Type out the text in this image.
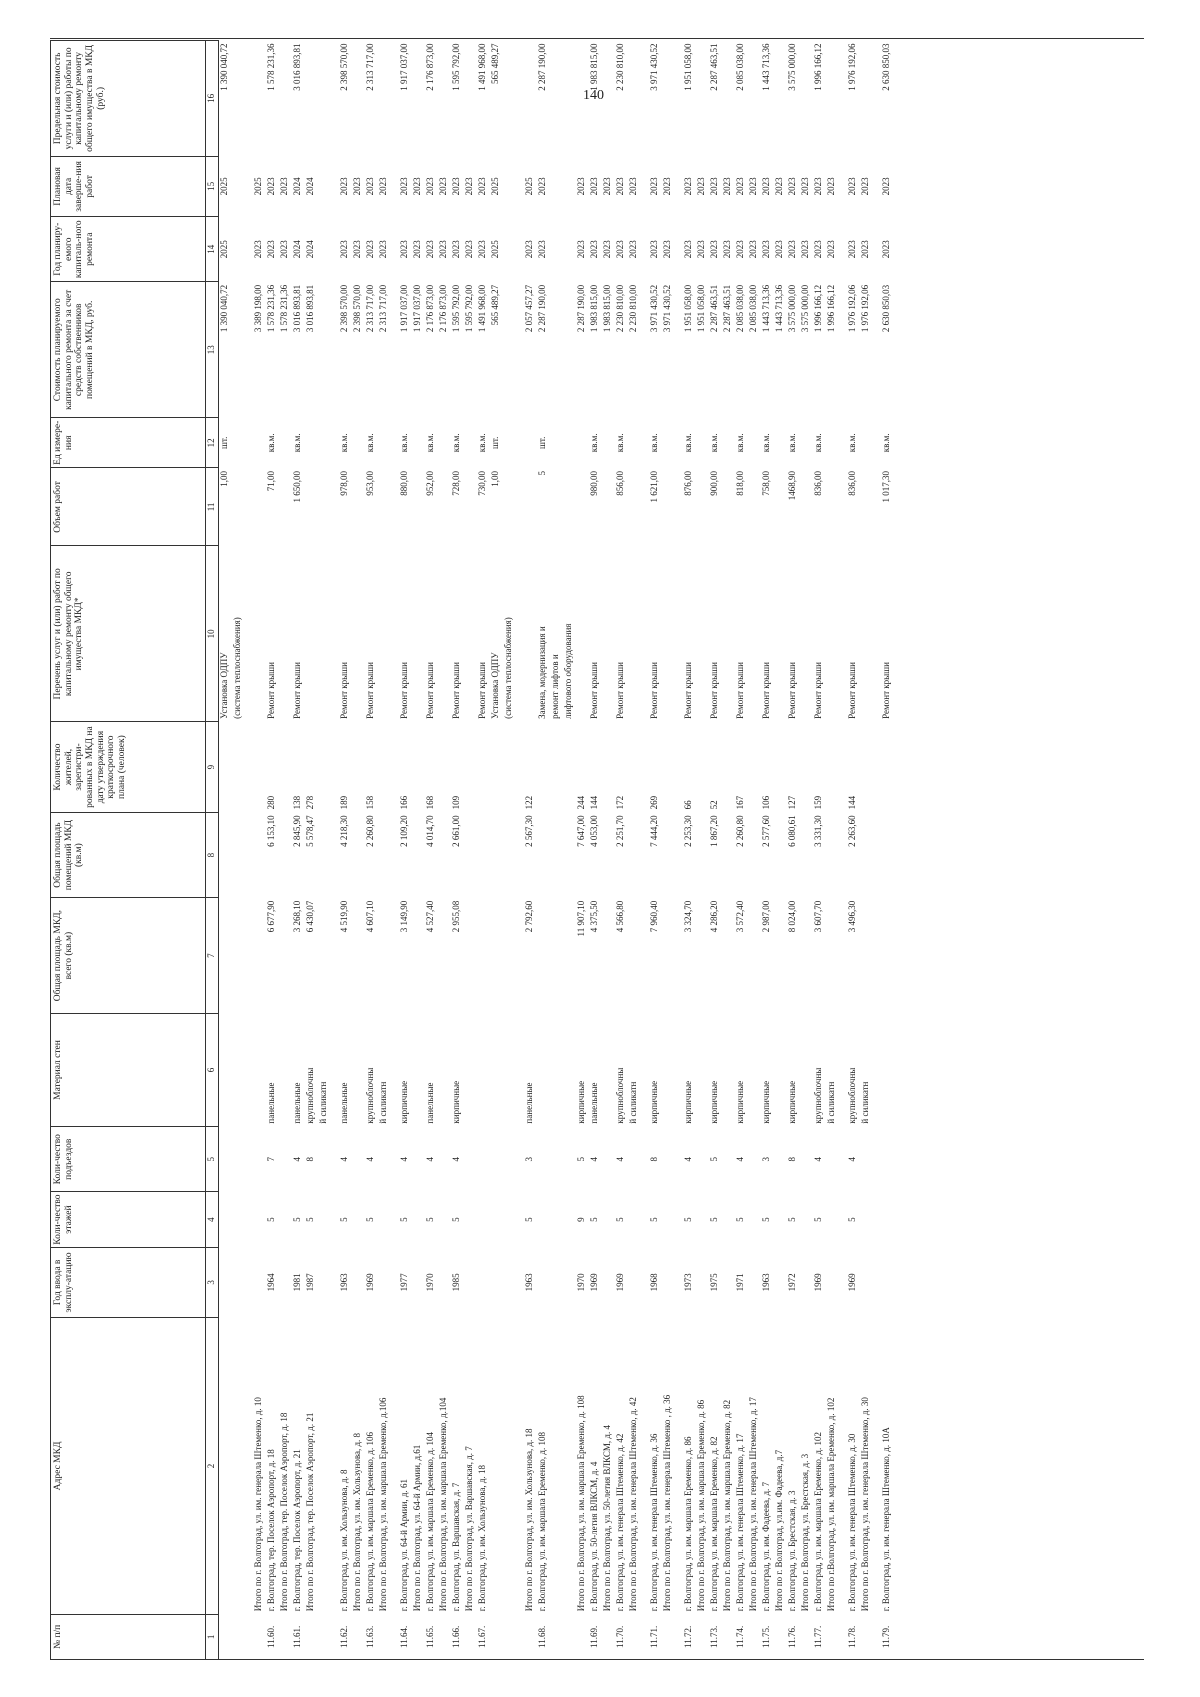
140
№ п/п	Адрес МКД	Год ввода в эксплу-атацию	Коли-чество этажей	Коли-чество подъездов	Материал стен	Общая площадь МКД, всего (кв.м)	Общая площадь помещений МКД (кв.м)	Количество жителей, зарегистри-рованных в МКД на дату утверждения краткосрочного плана (человек)	Перечень услуг и (или) работ по капитальному ремонту общего имущества МКД*	Объем работ	Ед измере-ния	Стоимость планируемого капитального ремонта за счет средств собственников помещений в МКД, руб.	Год планиру-емого капиталь-ного ремонта	Плановая дата заверше-ния работ	Предельная стоимость услуги и (или) работы по капитальному ремонту общего имущества в МКД (руб.)
1	2	3	4	5	6	7	8	9	10	11	12	13	14	15	16
									Установка ОДПУ	1,00	шт.	1 390 040,72	2025	2025	1 390 040,72
									(система теплоснабжения)						

	Итого по г. Волгоград, ул. им. генерала Штеменко, д. 10											3 389 198,00	2023	2025	
11.60.	г. Волгоград, тер. Поселок Аэропорт, д. 18	1964	5	7	панельные	6 677,90	6 153,10	280	Ремонт крыши	71,00	кв.м.	1 578 231,36	2023	2023	1 578 231,36
	Итого по г. Волгоград, тер. Поселок Аэропорт, д. 18											1 578 231,36	2023	2023	
11.61.	г. Волгоград, тер. Поселок Аэропорт, д. 21	1981	5	4	панельные	3 268,10	2 845,90	138	Ремонт крыши	1 650,00	кв.м.	3 016 893,81	2024	2024	3 016 893,81
	Итого по г. Волгоград, тер. Поселок Аэропорт, д. 21	1987	5	8	крупноблочны	6 430,07	5 578,47	278				3 016 893,81	2024	2024	
					й силикатн										

11.62.	г. Волгоград, ул. им. Хользунова, д. 8	1963	5	4	панельные	4 519,90	4 218,30	189	Ремонт крыши	978,00	кв.м.	2 398 570,00	2023	2023	2 398 570,00
	Итого по г. Волгоград, ул. им. Хользунова, д. 8											2 398 570,00	2023	2023	
11.63.	г. Волгоград, ул. им. маршала Еременко, д. 106	1969	5	4	крупноблочны	4 607,10	2 260,80	158	Ремонт крыши	953,00	кв.м.	2 313 717,00	2023	2023	2 313 717,00
	Итого по г. Волгоград, ул. им. маршала Еременко, д.106				й силикатн							2 313 717,00	2023	2023	

11.64.	г. Волгоград, ул. 64-й Армии, д. 61	1977	5	4	кирпичные	3 149,90	2 109,20	166	Ремонт крыши	880,00	кв.м.	1 917 037,00	2023	2023	1 917 037,00
	Итого по г. Волгоград, ул. 64-й Армии, д.61											1 917 037,00	2023	2023	
11.65.	г. Волгоград, ул. им. маршала Еременко, д. 104	1970	5	4	панельные	4 527,40	4 014,70	168	Ремонт крыши	952,00	кв.м.	2 176 873,00	2023	2023	2 176 873,00
	Итого по г. Волгоград, ул. им. маршала Еременко, д.104											2 176 873,00	2023	2023	
11.66.	г. Волгоград, ул. Варшавская, д. 7	1985	5	4	кирпичные	2 955,08	2 661,00	109	Ремонт крыши	728,00	кв.м.	1 595 792,00	2023	2023	1 595 792,00
	Итого по г. Волгоград, ул. Варшавская, д. 7											1 595 792,00	2023	2023	
11.67.	г. Волгоград, ул. им. Хользунова, д. 18								Ремонт крыши	730,00	кв.м.	1 491 968,00	2023	2023	1 491 968,00
									Установка ОДПУ	1,00	шт.	565 489,27	2025	2025	565 489,27
									(система теплоснабжения)						

	Итого по г. Волгоград, ул. им. Хользунова, д. 18	1963	5	3	панельные	2 792,60	2 567,30	122				2 057 457,27	2023	2025	
11.68.	г. Волгоград, ул. им. маршала Еременко, д. 108								Замена, модернизация и	5	шт.	2 287 190,00	2023	2023	2 287 190,00
									ремонт лифтов и						
									лифтового оборудования						
	Итого по г. Волгоград, ул. им. маршала Еременко, д. 108	1970	9	5	кирпичные	11 907,10	7 647,00	244				2 287 190,00	2023	2023	
11.69.	г. Волгоград, ул. 50-летия ВЛКСМ, д. 4	1969	5	4	панельные	4 375,50	4 053,00	144	Ремонт крыши	980,00	кв.м.	1 983 815,00	2023	2023	1 983 815,00
	Итого по г. Волгоград, ул. 50-летия ВЛКСМ, д. 4											1 983 815,00	2023	2023	
11.70.	г. Волгоград, ул. им. генерала Штеменко, д. 42	1969	5	4	крупноблочны	4 566,80	2 251,70	172	Ремонт крыши	856,00	кв.м.	2 230 810,00	2023	2023	2 230 810,00
	Итого по г. Волгоград, ул. им. генерала Штеменко, д. 42				й силикатн							2 230 810,00	2023	2023	

11.71.	г. Волгоград, ул. им. генерала Штеменко, д. 36	1968	5	8	кирпичные	7 960,40	7 444,20	269	Ремонт крыши	1 621,00	кв.м.	3 971 430,52	2023	2023	3 971 430,52
	Итого по г. Волгоград, ул. им. генерала Штеменко , д. 36											3 971 430,52	2023	2023	

11.72.	г. Волгоград, ул. им. маршала Еременко, д. 86	1973	5	4	кирпичные	3 324,70	2 253,30	66	Ремонт крыши	876,00	кв.м.	1 951 058,00	2023	2023	1 951 058,00
	Итого по г. Волгоград, ул. им. маршала Еременко, д. 86											1 951 058,00	2023	2023	
11.73.	г. Волгоград, ул. им. маршала Еременко, д. 82	1975	5	5	кирпичные	4 286,20	1 867,20	52	Ремонт крыши	900,00	кв.м.	2 287 463,51	2023	2023	2 287 463,51
	Итого по г. Волгоград, ул. им. маршала Еременко, д. 82											2 287 463,51	2023	2023	
11.74.	г. Волгоград, ул. им. генерала Штеменко, д. 17	1971	5	4	кирпичные	3 572,40	2 260,80	167	Ремонт крыши	818,00	кв.м.	2 085 038,00	2023	2023	2 085 038,00
	Итого по г. Волгоград, ул. им. генерала Штеменко, д. 17											2 085 038,00	2023	2023	
11.75.	г. Волгоград, ул. им. Фадеева, д. 7	1963	5	3	кирпичные	2 987,00	2 577,60	106	Ремонт крыши	758,00	кв.м.	1 443 713,36	2023	2023	1 443 713,36
	Итого по г. Волгоград, ул.им. Фадеева, д.7											1 443 713,36	2023	2023	
11.76.	г. Волгоград, ул. Брестская, д. 3	1972	5	8	кирпичные	8 024,00	6 080,61	127	Ремонт крыши	1468,90	кв.м.	3 575 000,00	2023	2023	3 575 000,00
	Итого по г. Волгоград, ул. Брестская, д. 3											3 575 000,00	2023	2023	
11.77.	г. Волгоград, ул. им. маршала Еременко, д. 102	1969	5	4	крупноблочны	3 607,70	3 331,30	159	Ремонт крыши	836,00	кв.м.	1 996 166,12	2023	2023	1 996 166,12
	Итого по г.Волгоград, ул. им. маршала Еременко, д. 102				й силикатн							1 996 166,12	2023	2023	

11.78.	г. Волгоград, ул. им. генерала Штеменко, д. 30	1969	5	4	крупноблочны	3 496,30	2 263,60	144	Ремонт крыши	836,00	кв.м.	1 976 192,06	2023	2023	1 976 192,06
	Итого по г. Волгоград, ул. им. генерала Штеменко, д. 30				й силикатн							1 976 192,06	2023	2023	

11.79.	г. Волгоград, ул. им. генерала Штеменко, д. 10А								Ремонт крыши	1 017,30	кв.м.	2 630 850,03	2023	2023	2 630 850,03
